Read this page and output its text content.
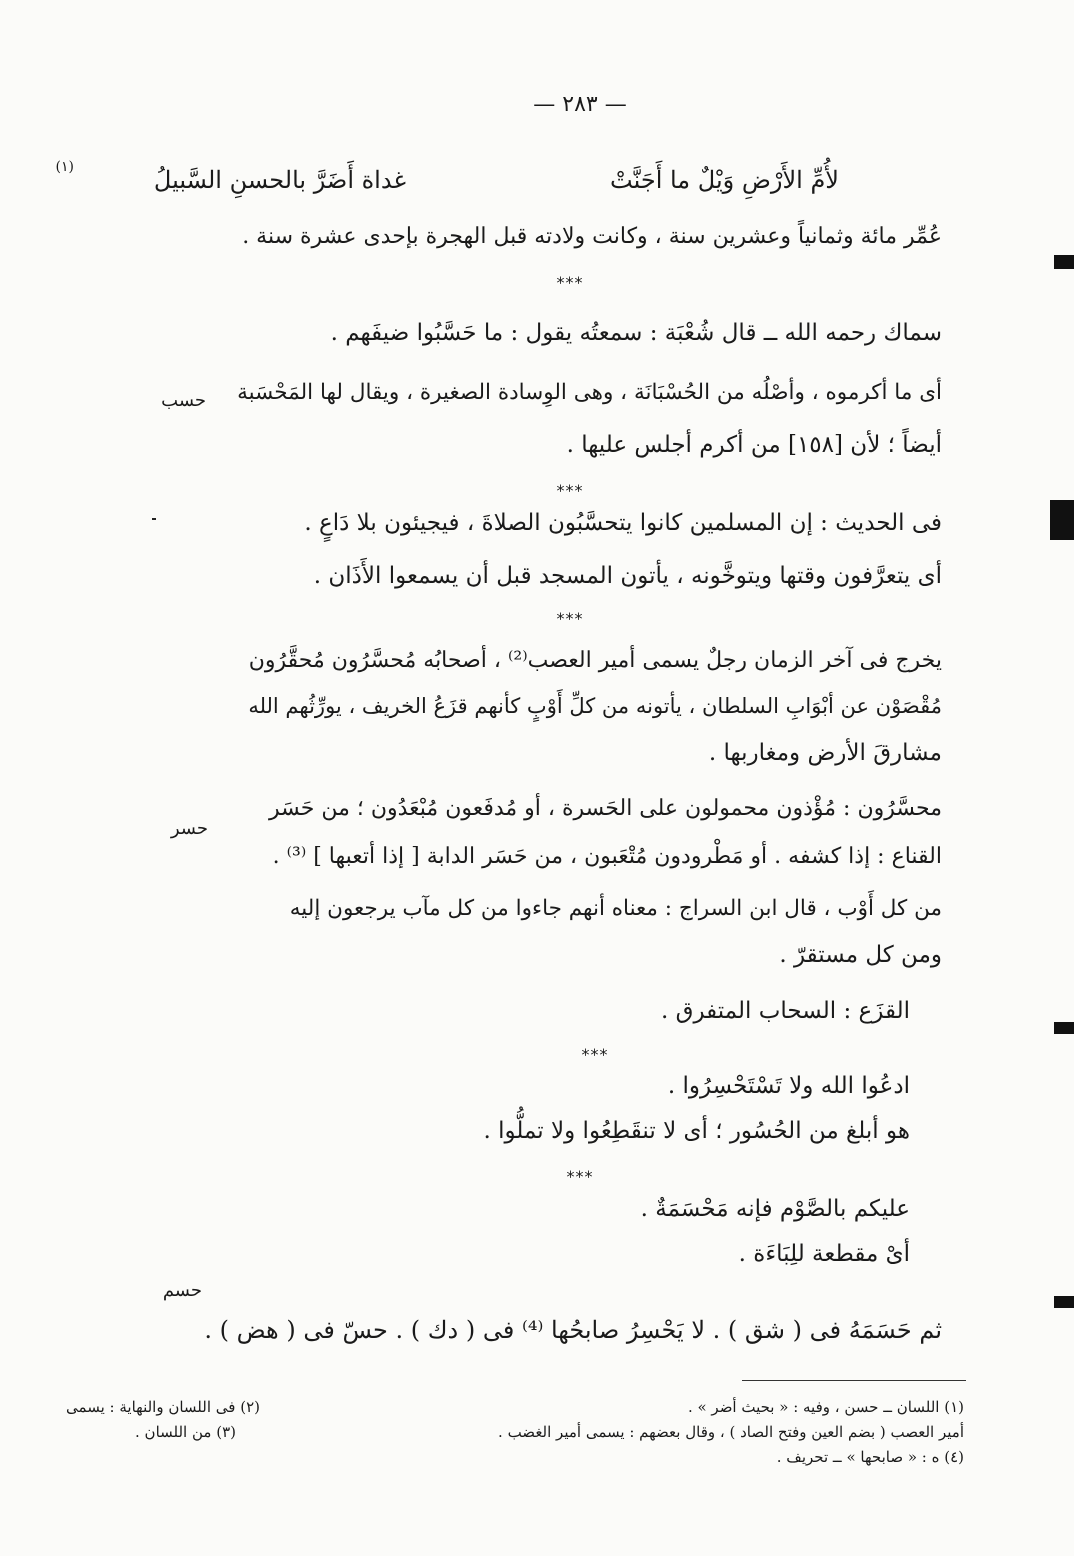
— ٢٨٣ —
لأُمِّ الأَرْضِ وَيْلٌ ما أَجَنَّتْ
غداة أَضَرَّ بالحسنِ السَّبيلُ
(١)
عُمِّر مائة وثمانياً وعشرين سنة ، وكانت ولادته قبل الهجرة بإحدى عشرة سنة .
***
سماك رحمه الله ــ قال شُعْبَة : سمعتُه يقول : ما حَسَّبُوا ضيفَهم .
أى ما أكرموه ، وأصْلُه من الحُسْبَانَة ، وهى الوِسادة الصغيرة ، ويقال لها المَحْسَبة
حسب
أيضاً ؛ لأن [١٥٨] من أكرم أجلس عليها .
***
فى الحديث : إن المسلمين كانوا يتحسَّبُون الصلاةَ ، فيجيئون بلا دَاعٍ .
أى يتعرَّفون وقتها ويتوخَّونه ، يأتون المسجد قبل أن يسمعوا الأَذَان .
***
يخرج فى آخر الزمان رجلٌ يسمى أمير العصب⁽²⁾ ، أصحابُه مُحسَّرُون مُحقَّرُون
مُقْصَوْن عن أبْوَابِ السلطان ، يأتونه من كلِّ أَوْبٍ كأنهم قزَعُ الخريف ، يورِّثُهم الله
مشارقَ الأرض ومغاربها .
محسَّرُون : مُؤْذون محمولون على الحَسرة ، أو مُدفَعون مُبْعَدُون ؛ من حَسَر
حسر
القناع : إذا كشفه . أو مَطْرودون مُتْعَبون ، من حَسَر الدابة [ إذا أتعبها ] ⁽³⁾ .
من كل أَوْب ، قال ابن السراج : معناه أنهم جاءوا من كل مآب يرجعون إليه
ومن كل مستقرّ .
القزَع : السحاب المتفرق .
***
ادعُوا الله ولا تَسْتَحْسِرُوا .
هو أبلغ من الحُسُور ؛ أى لا تنقَطِعُوا ولا تملُّوا .
***
عليكم بالصَّوْم فإنه مَحْسَمَةٌ .
أىْ مقطعة للِبَاءَة .
حسم
ثم حَسَمَهُ فى ( شق ) . لا يَحْسِرُ صابحُها ⁽⁴⁾ فى ( دك ) . حسّ فى ( هض ) .
(١) اللسان ــ حسن ، وفيه : « بحيث أضر » .
(٢) فى اللسان والنهاية : يسمى
أمير العصب ( بضم العين وفتح الصاد ) ، وقال بعضهم : يسمى أمير الغضب .
(٣) من اللسان .
(٤) ه : « صابحها » ــ تحريف .
